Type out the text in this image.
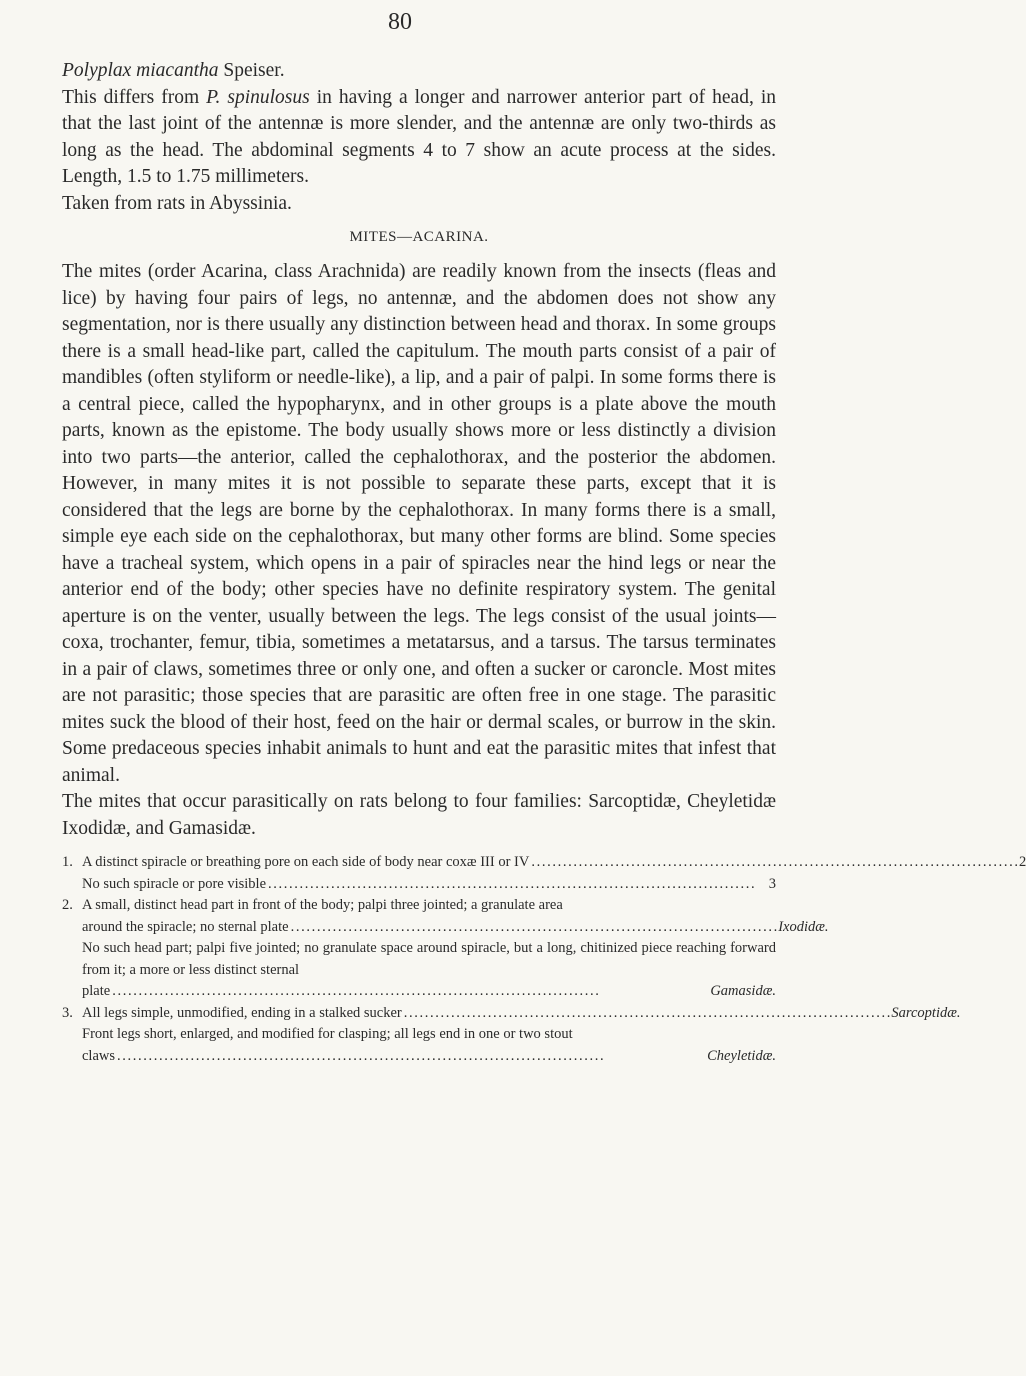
80

Polyplax miacantha Speiser.
This differs from P. spinulosus in having a longer and narrower anterior part of head, in that the last joint of the antennæ is more slender, and the antennæ are only two-thirds as long as the head. The abdominal segments 4 to 7 show an acute process at the sides. Length, 1.5 to 1.75 millimeters.

Taken from rats in Abyssinia.

MITES—ACARINA.

The mites (order Acarina, class Arachnida) are readily known from the insects (fleas and lice) by having four pairs of legs, no antennæ, and the abdomen does not show any segmentation, nor is there usually any distinction between head and thorax. In some groups there is a small head-like part, called the capitulum. The mouth parts consist of a pair of mandibles (often styliform or needle-like), a lip, and a pair of palpi. In some forms there is a central piece, called the hypopharynx, and in other groups is a plate above the mouth parts, known as the epistome. The body usually shows more or less distinctly a division into two parts—the anterior, called the cephalothorax, and the posterior the abdomen. However, in many mites it is not possible to separate these parts, except that it is considered that the legs are borne by the cephalothorax. In many forms there is a small, simple eye each side on the cephalothorax, but many other forms are blind. Some species have a tracheal system, which opens in a pair of spiracles near the hind legs or near the anterior end of the body; other species have no definite respiratory system. The genital aperture is on the venter, usually between the legs. The legs consist of the usual joints—coxa, trochanter, femur, tibia, sometimes a metatarsus, and a tarsus. The tarsus terminates in a pair of claws, sometimes three or only one, and often a sucker or caroncle. Most mites are not parasitic; those species that are parasitic are often free in one stage. The parasitic mites suck the blood of their host, feed on the hair or dermal scales, or burrow in the skin. Some predaceous species inhabit animals to hunt and eat the parasitic mites that infest that animal.

The mites that occur parasitically on rats belong to four families: Sarcoptidæ, Cheyletidæ Ixodidæ, and Gamasidæ.

1. A distinct spiracle or breathing pore on each side of body near coxæ III or IV . . .	2
No such spiracle or pore visible . . .	3
2. A small, distinct head part in front of the body; palpi three jointed; a granulate area
around the spiracle; no sternal plate . . .	Ixodidæ.
No such head part; palpi five jointed; no granulate space around spiracle, but a long, chitinized piece reaching forward from it; a more or less distinct sternal
plate . . .	Gamasidæ.
3. All legs simple, unmodified, ending in a stalked sucker . . .	Sarcoptidæ.
Front legs short, enlarged, and modified for clasping; all legs end in one or two stout
claws . . .	Cheyletidæ.
